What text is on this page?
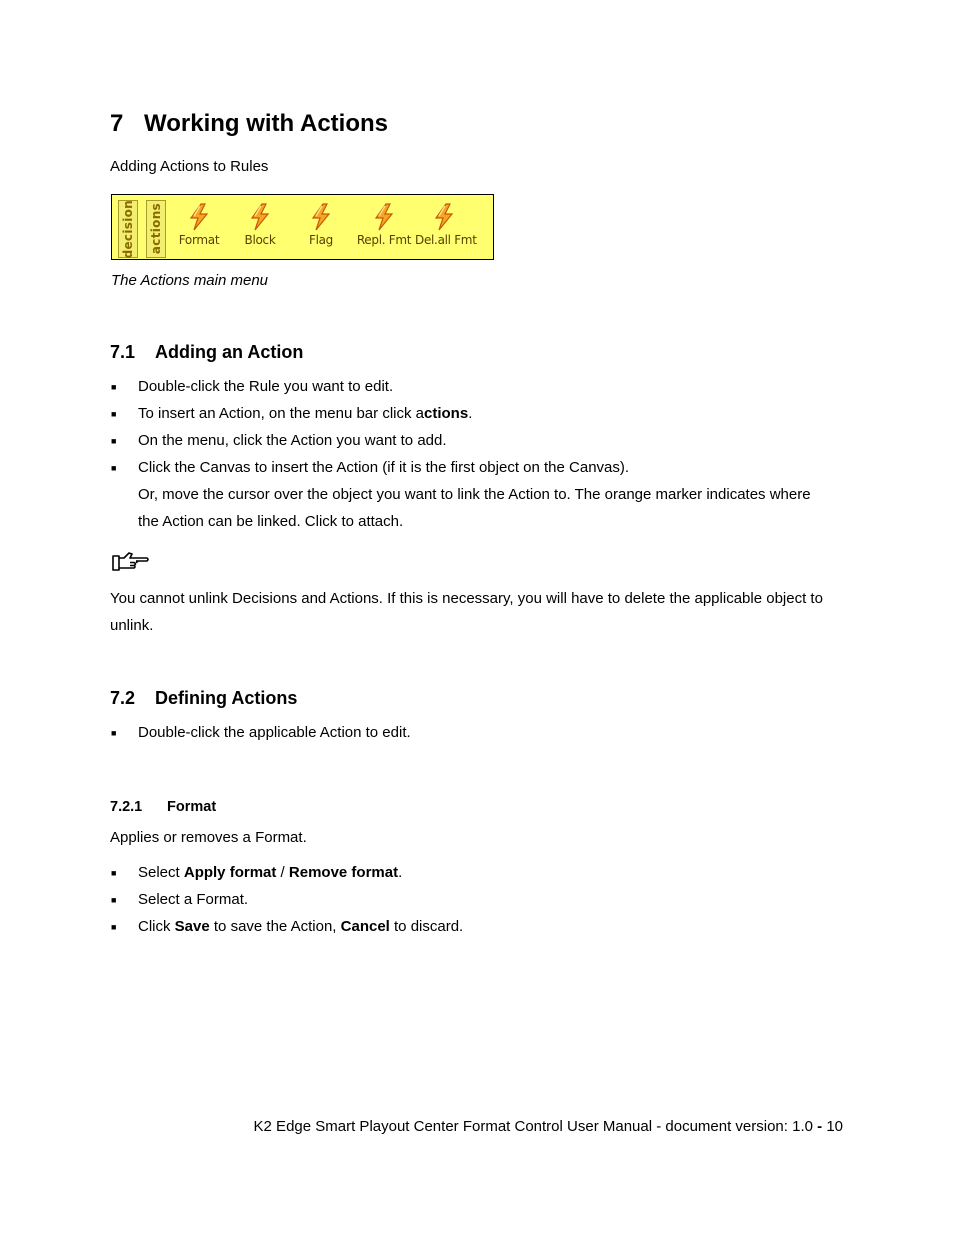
7 Working with Actions
Adding Actions to Rules
decision actions	Format	Block	Flag	Repl. Fmt Del.all Fmt
The Actions main menu
7.1 Adding an Action
■ Double-click the Rule you want to edit.
■ To insert an Action, on the menu bar click actions.
■ On the menu, click the Action you want to add.
■ Click the Canvas to insert the Action (if it is the first object on the Canvas).
Or, move the cursor over the object you want to link the Action to. The orange marker indicates where
the Action can be linked. Click to attach.
You cannot unlink Decisions and Actions. If this is necessary, you will have to delete the applicable object to unlink.
7.2 Defining Actions
■ Double-click the applicable Action to edit.
7.2.1 Format
Applies or removes a Format.
■ Select Apply format / Remove format.
■ Select a Format.
■ Click Save to save the Action, Cancel to discard.
K2 Edge Smart Playout Center Format Control User Manual - document version: 1.0 - 10
